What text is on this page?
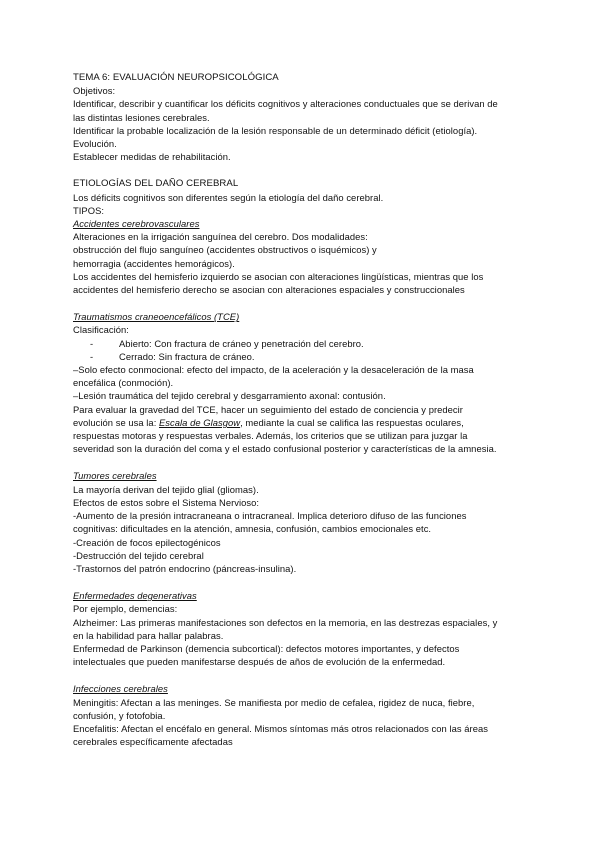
TEMA 6: EVALUACIÓN NEUROPSICOLÓGICA
Objetivos:
Identificar, describir y cuantificar los déficits cognitivos y alteraciones conductuales que se derivan de
las distintas lesiones cerebrales.
Identificar la probable localización de la lesión responsable de un determinado déficit (etiología).
Evolución.
Establecer medidas de rehabilitación.
ETIOLOGÍAS DEL DAÑO CEREBRAL
Los déficits cognitivos son diferentes según la etiología del daño cerebral.
TIPOS:
Accidentes cerebrovasculares
Alteraciones en la irrigación sanguínea del cerebro. Dos modalidades:
obstrucción del flujo sanguíneo (accidentes obstructivos o isquémicos) y
hemorragia (accidentes hemorágicos).
Los accidentes del hemisferio izquierdo se asocian con alteraciones lingüísticas, mientras que los
accidentes del hemisferio derecho se asocian con alteraciones espaciales y construccionales
Traumatismos craneoencefálicos (TCE)
Clasificación:
-	Abierto: Con fractura de cráneo y penetración del cerebro.
-	Cerrado: Sin fractura de cráneo.
–Solo efecto conmocional: efecto del impacto, de la aceleración y la desaceleración de la masa
encefálica (conmoción).
–Lesión traumática del tejido cerebral y desgarramiento axonal: contusión.
Para evaluar la gravedad del TCE, hacer un seguimiento del estado de conciencia y predecir
evolución se usa la: Escala de Glasgow, mediante la cual se califica las respuestas oculares,
respuestas motoras y respuestas verbales. Además, los criterios que se utilizan para juzgar la
severidad son la duración del coma y el estado confusional posterior y características de la amnesia.
Tumores cerebrales
La mayoría derivan del tejido glial (gliomas).
Efectos de estos sobre el Sistema Nervioso:
-Aumento de la presión intracraneana o intracraneal. Implica deterioro difuso de las funciones
cognitivas: dificultades en la atención, amnesia, confusión, cambios emocionales etc.
-Creación de focos epilectogénicos
-Destrucción del tejido cerebral
-Trastornos del patrón endocrino (páncreas-insulina).
Enfermedades degenerativas
Por ejemplo, demencias:
Alzheimer: Las primeras manifestaciones son defectos en la memoria, en las destrezas espaciales, y
en la habilidad para hallar palabras.
Enfermedad de Parkinson (demencia subcortical): defectos motores importantes, y defectos
intelectuales que pueden manifestarse después de años de evolución de la enfermedad.
Infecciones cerebrales
Meningitis: Afectan a las meninges. Se manifiesta por medio de cefalea, rigidez de nuca, fiebre,
confusión, y fotofobia.
Encefalitis: Afectan el encéfalo en general. Mismos síntomas más otros relacionados con las áreas
cerebrales específicamente afectadas
